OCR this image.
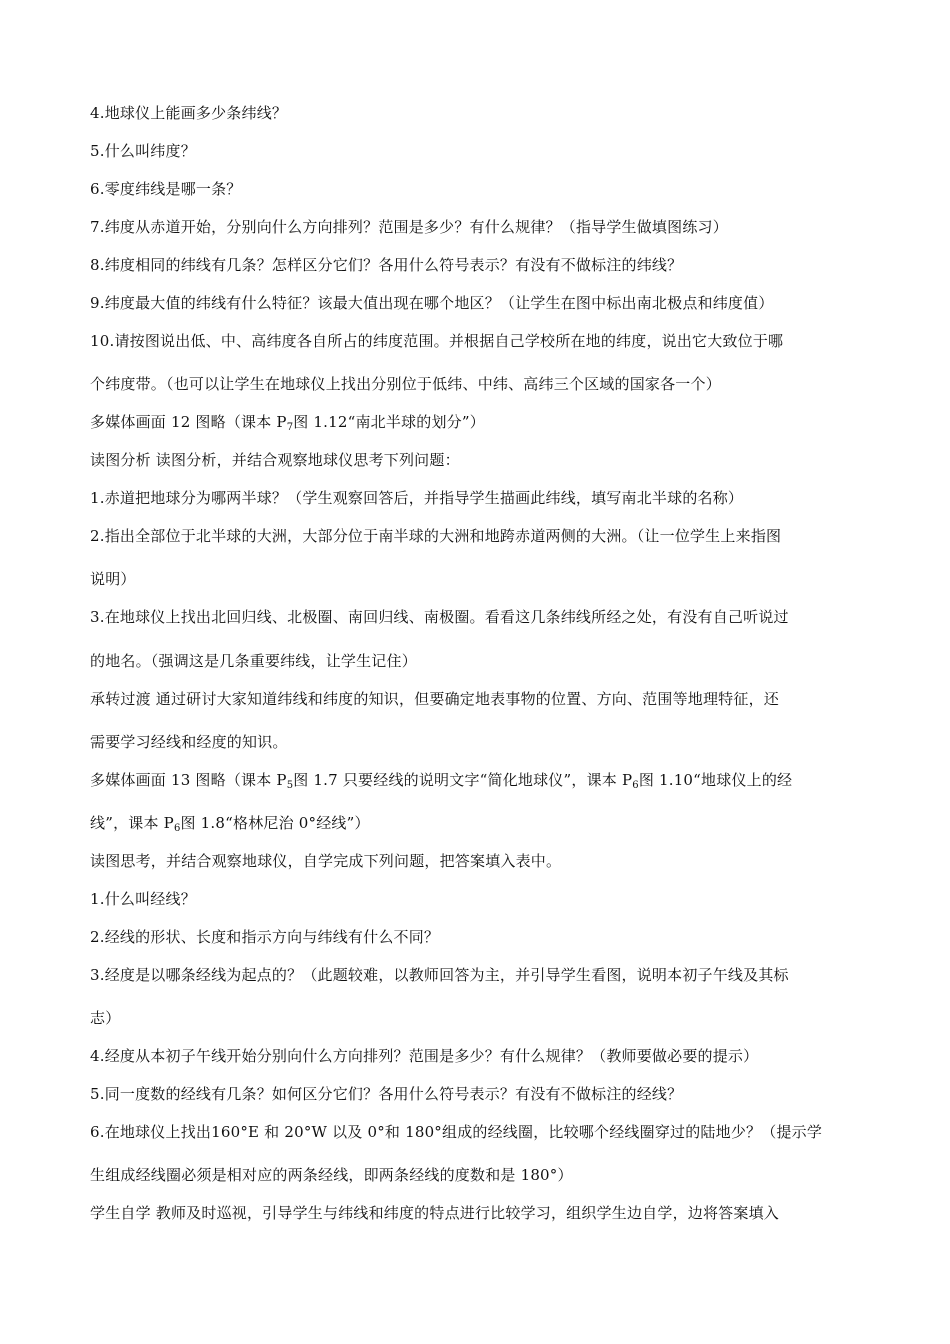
4.地球仪上能画多少条纬线？
5.什么叫纬度？
6.零度纬线是哪一条？
7.纬度从赤道开始，分别向什么方向排列？范围是多少？有什么规律？（指导学生做填图练习）
8.纬度相同的纬线有几条？怎样区分它们？各用什么符号表示？有没有不做标注的纬线？
9.纬度最大值的纬线有什么特征？该最大值出现在哪个地区？（让学生在图中标出南北极点和纬度值）
10.请按图说出低、中、高纬度各自所占的纬度范围。并根据自己学校所在地的纬度，说出它大致位于哪
个纬度带。（也可以让学生在地球仪上找出分别位于低纬、中纬、高纬三个区域的国家各一个）
多媒体画面 12 图略（课本 $P_7$图 1.12“南北半球的划分”）
读图分析 读图分析，并结合观察地球仪思考下列问题：
1.赤道把地球分为哪两半球？（学生观察回答后，并指导学生描画此纬线，填写南北半球的名称）
2.指出全部位于北半球的大洲，大部分位于南半球的大洲和地跨赤道两侧的大洲。（让一位学生上来指图
说明）
3.在地球仪上找出北回归线、北极圈、南回归线、南极圈。看看这几条纬线所经之处，有没有自己听说过
的地名。（强调这是几条重要纬线，让学生记住）
承转过渡 通过研讨大家知道纬线和纬度的知识，但要确定地表事物的位置、方向、范围等地理特征，还
需要学习经线和经度的知识。
多媒体画面 13 图略（课本 $P_5$图 1.7 只要经线的说明文字“简化地球仪”，课本 $P_6$图 1.10“地球仪上的经
线”，课本 $P_6$图 1.8“格林尼治 0°经线”）
读图思考，并结合观察地球仪，自学完成下列问题，把答案填入表中。
1.什么叫经线？
2.经线的形状、长度和指示方向与纬线有什么不同？
3.经度是以哪条经线为起点的？（此题较难，以教师回答为主，并引导学生看图，说明本初子午线及其标
志）
4.经度从本初子午线开始分别向什么方向排列？范围是多少？有什么规律？（教师要做必要的提示）
5.同一度数的经线有几条？如何区分它们？各用什么符号表示？有没有不做标注的经线？
6.在地球仪上找出160°E 和 20°W 以及 0°和 180°组成的经线圈，比较哪个经线圈穿过的陆地少？（提示学
生组成经线圈必须是相对应的两条经线，即两条经线的度数和是 180°）
学生自学 教师及时巡视，引导学生与纬线和纬度的特点进行比较学习，组织学生边自学，边将答案填入
